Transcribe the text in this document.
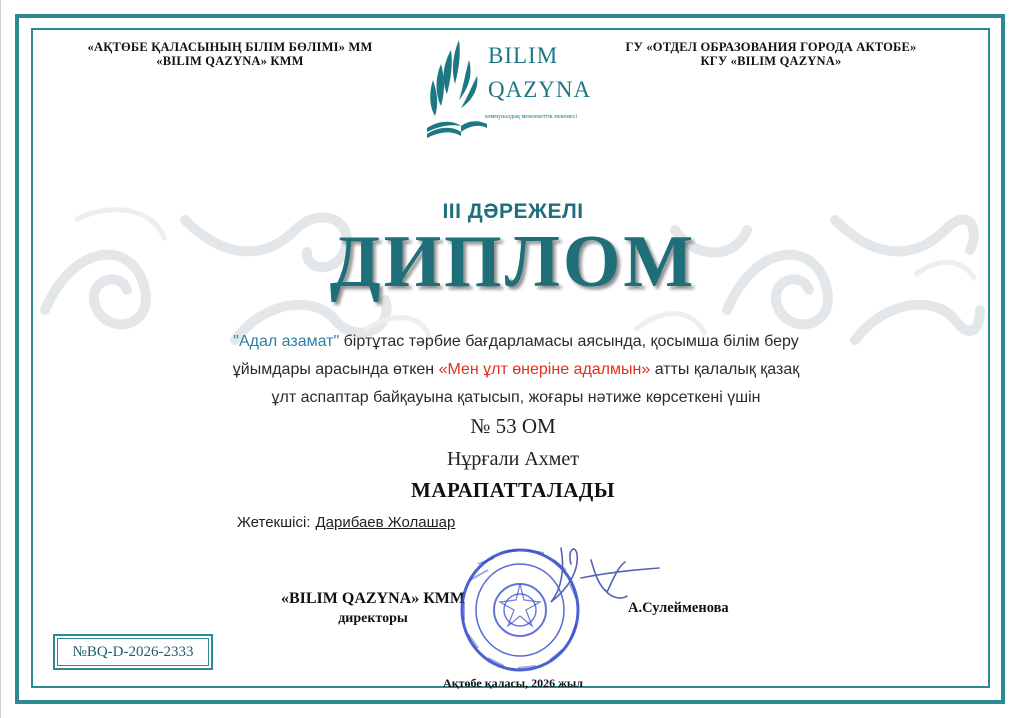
«АҚТӨБЕ ҚАЛАСЫНЫҢ БІЛІМ БӨЛІМІ» ММ
«BILIM QAZYNA» КММ
ГУ «ОТДЕЛ ОБРАЗОВАНИЯ ГОРОДА АКТОБЕ»
КГУ «BILIM QAZYNA»
BILIM
QAZYNA
коммуналдық мемлекеттік мекемесі
III ДӘРЕЖЕЛІ
ДИПЛОМ
"Адал азамат" біртұтас тәрбие бағдарламасы аясында, қосымша білім беру
ұйымдары арасында өткен «Мен ұлт өнеріне адалмын» атты қалалық қазақ
ұлт аспаптар байқауына қатысып, жоғары нәтиже көрсеткені үшін
№ 53 ОМ
Нұрғали Ахмет
МАРАПАТТАЛАДЫ
Жетекшісі: Дарибаев Жолашар
«BILIM QAZYNA» КММ
директоры
А.Сулейменова
Ақтөбе қаласы, 2026 жыл
№BQ-D-2026-2333
